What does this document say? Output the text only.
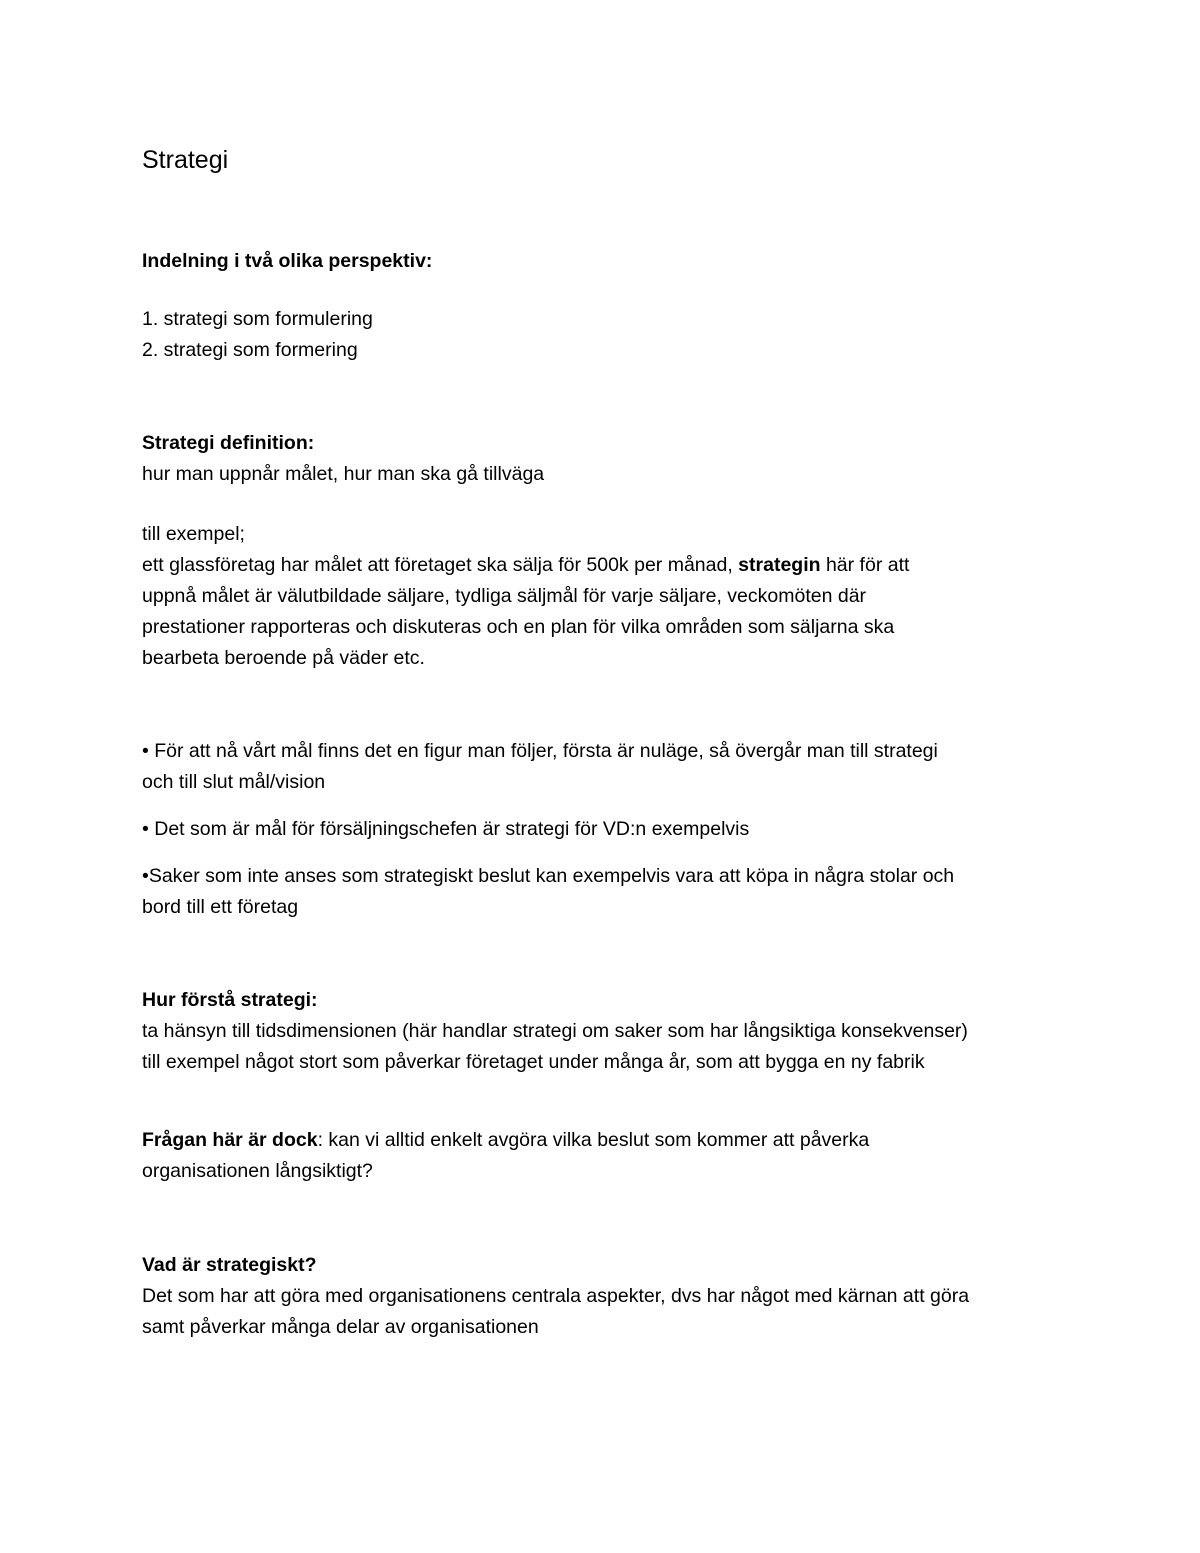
Strategi
Indelning i två olika perspektiv:
1. strategi som formulering
2. strategi som formering
Strategi definition:
hur man uppnår målet, hur man ska gå tillväga
till exempel;
ett glassföretag har målet att företaget ska sälja för 500k per månad, strategin här för att
uppnå målet är välutbildade säljare, tydliga säljmål för varje säljare, veckomöten där
prestationer rapporteras och diskuteras och en plan för vilka områden som säljarna ska
bearbeta beroende på väder etc.
• För att nå vårt mål finns det en figur man följer, första är nuläge, så övergår man till strategi
och till slut mål/vision
• Det som är mål för försäljningschefen är strategi för VD:n exempelvis
•Saker som inte anses som strategiskt beslut kan exempelvis vara att köpa in några stolar och
bord till ett företag
Hur förstå strategi:
ta hänsyn till tidsdimensionen (här handlar strategi om saker som har långsiktiga konsekvenser)
till exempel något stort som påverkar företaget under många år, som att bygga en ny fabrik
Frågan här är dock: kan vi alltid enkelt avgöra vilka beslut som kommer att påverka
organisationen långsiktigt?
Vad är strategiskt?
Det som har att göra med organisationens centrala aspekter, dvs har något med kärnan att göra
samt påverkar många delar av organisationen
